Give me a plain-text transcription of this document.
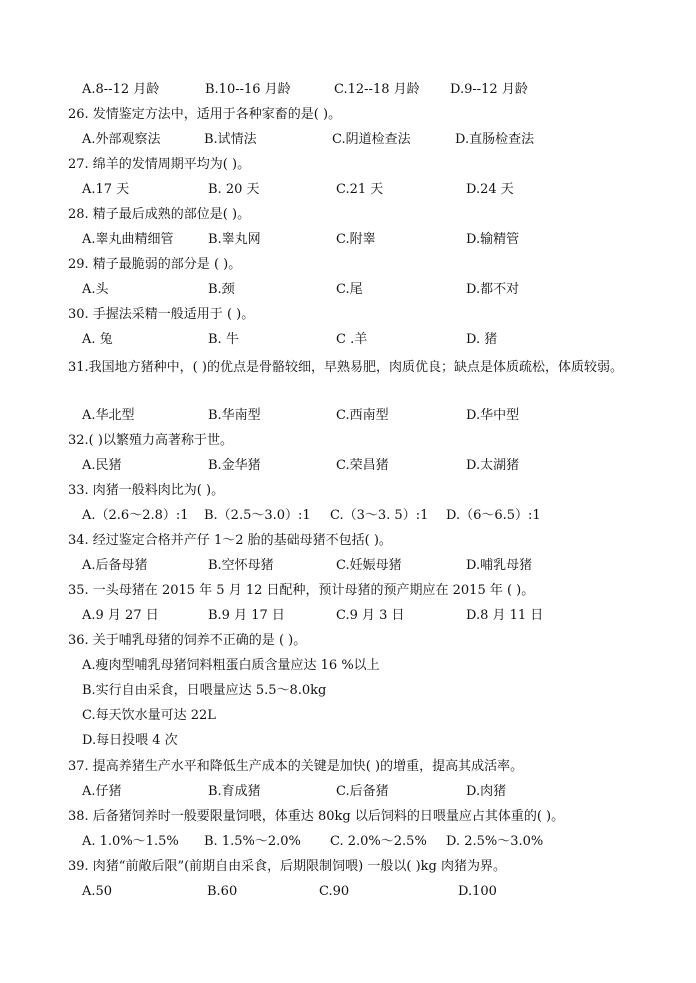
A.8--12 月龄	B.10--16 月龄	C.12--18 月龄 D.9--12 月龄
26. 发情鉴定方法中，适用于各种家畜的是( )。
A.外部观察法	B.试情法	C.阴道检查法	D.直肠检查法
27. 绵羊的发情周期平均为( )。
A.17 天	B. 20 天	C.21 天	D.24 天
28. 精子最后成熟的部位是( )。
A.睾丸曲精细管	B.睾丸网	C.附睾	D.输精管
29. 精子最脆弱的部分是 ( )。
A.头	B.颈	C.尾	D.都不对
30. 手握法采精一般适用于 ( )。
A. 兔	B. 牛	C .羊	D. 猪
31.我国地方猪种中，( )的优点是骨骼较细，早熟易肥，肉质优良；缺点是体质疏松，体质较弱。
A.华北型	B.华南型	C.西南型	D.华中型
32.( )以繁殖力高著称于世。
A.民猪	B.金华猪	C.荣昌猪	D.太湖猪
33. 肉猪一般料肉比为( )。
A.（2.6～2.8）:1 B.（2.5～3.0）:1 C.（3～3. 5）:1 D.（6～6.5）:1
34. 经过鉴定合格并产仔 1～2 胎的基础母猪不包括( )。
A.后备母猪	B.空怀母猪	C.妊娠母猪	D.哺乳母猪
35. 一头母猪在 2015 年 5 月 12 日配种，预计母猪的预产期应在 2015 年 ( )。
A.9 月 27 日	B.9 月 17 日	C.9 月 3 日	D.8 月 11 日
36. 关于哺乳母猪的饲养不正确的是 ( )。
A.瘦肉型哺乳母猪饲料粗蛋白质含量应达 16 %以上
B.实行自由采食，日喂量应达 5.5～8.0kg
C.每天饮水量可达 22L
D.每日投喂 4 次
37. 提高养猪生产水平和降低生产成本的关键是加快( )的增重，提高其成活率。
A.仔猪	B.育成猪	C.后备猪	D.肉猪
38. 后备猪饲养时一般要限量饲喂，体重达 80kg 以后饲料的日喂量应占其体重的( )。
A. 1.0%～1.5% B. 1.5%～2.0% C. 2.0%～2.5% D. 2.5%～3.0%
39. 肉猪“前敞后限”(前期自由采食，后期限制饲喂) 一般以( )kg 肉猪为界。
A.50	B.60	C.90	D.100
